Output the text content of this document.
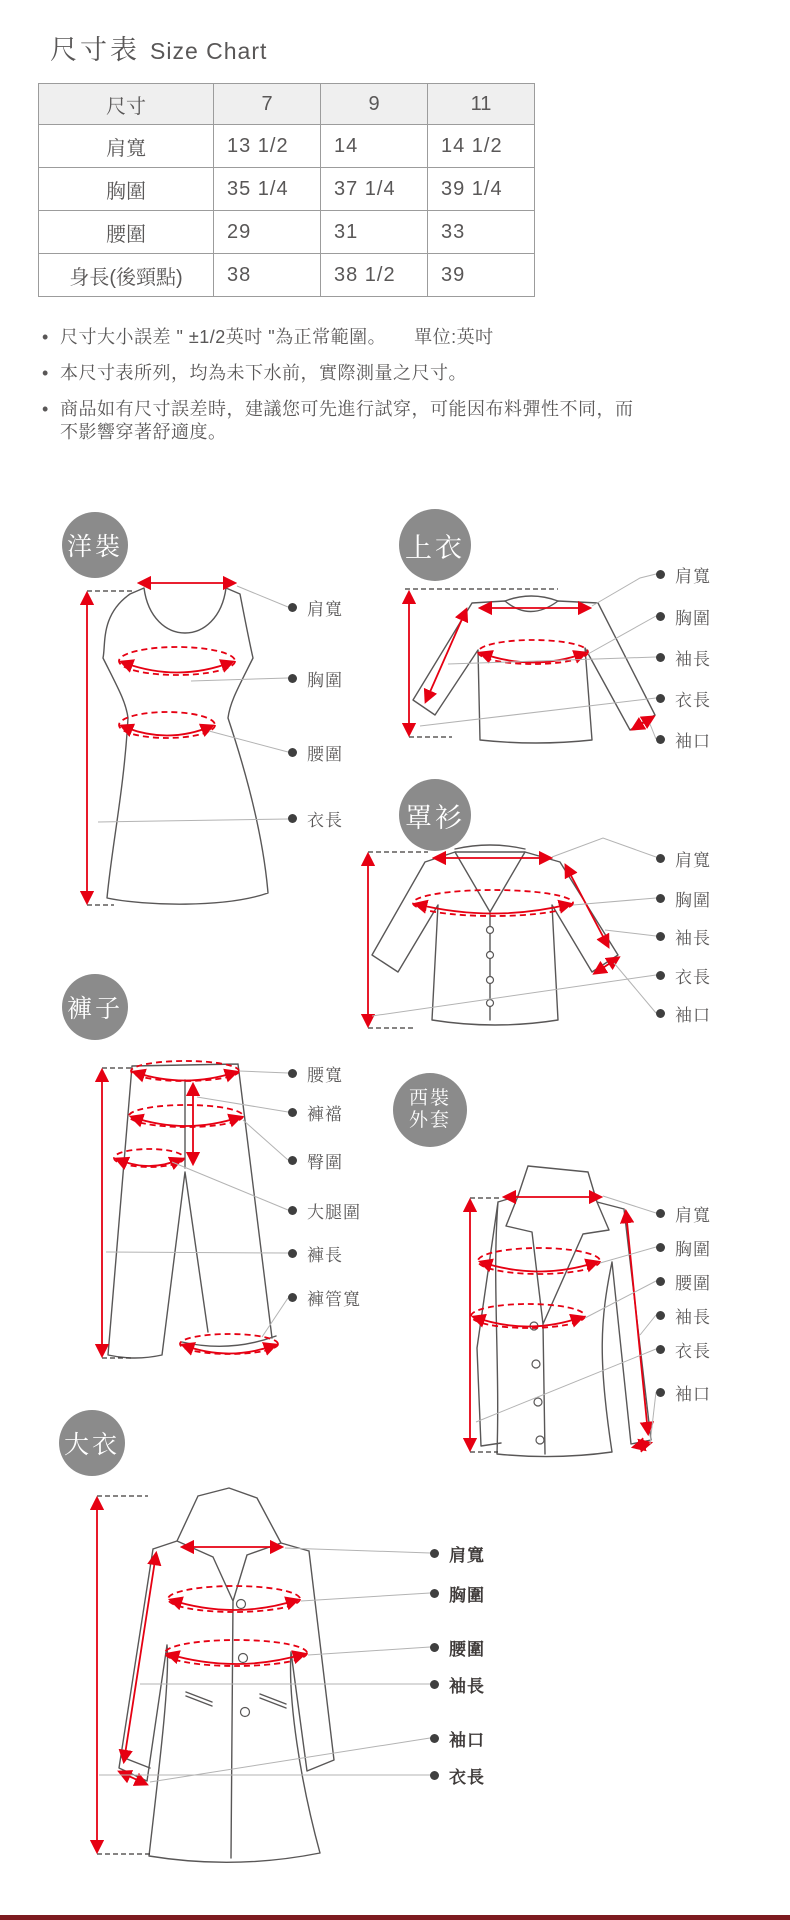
尺寸表 Size Chart
尺寸	7	9	11
肩寬	13 1/2	14	14 1/2
胸圍	35 1/4	37 1/4	39 1/4
腰圍	29	31	33
身長(後頸點)	38	38 1/2	39
• 尺寸大小誤差 " ±1/2英吋 "為正常範圍。　　單位:英吋
• 本尺寸表所列，均為未下水前，實際測量之尺寸。
• 商品如有尺寸誤差時，建議您可先進行試穿，可能因布料彈性不同，而不影響穿著舒適度。
洋裝	上衣
罩衫
褲子
西裝
外套
大衣
肩寬
胸圍
腰圍
衣長
肩寬
胸圍
袖長
衣長
袖口
肩寬
胸圍
袖長
衣長
袖口
腰寬
褲襠
臀圍
大腿圍
褲長
褲管寬
肩寬
胸圍
腰圍
袖長
衣長
袖口
肩寬
胸圍
腰圍
袖長
袖口
衣長
